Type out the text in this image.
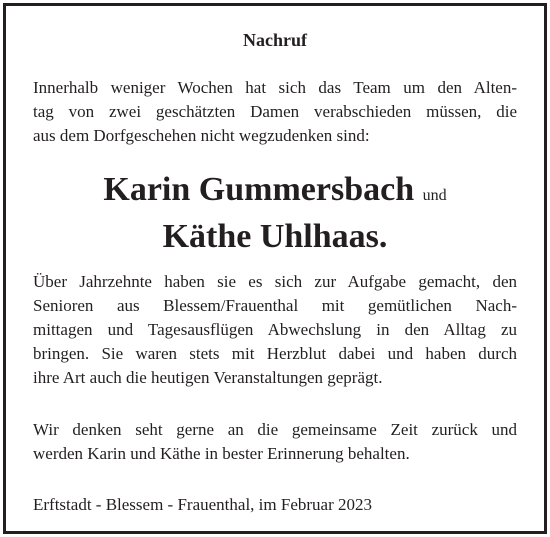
Nachruf
Innerhalb weniger Wochen hat sich das Team um den Alten-
tag von zwei geschätzten Damen verabschieden müssen, die
aus dem Dorfgeschehen nicht wegzudenken sind:
Karin Gummersbach und
Käthe Uhlhaas.
Über Jahrzehnte haben sie es sich zur Aufgabe gemacht, den
Senioren aus Blessem/Frauenthal mit gemütlichen Nach-
mittagen und Tagesausflügen Abwechslung in den Alltag zu
bringen. Sie waren stets mit Herzblut dabei und haben durch
ihre Art auch die heutigen Veranstaltungen geprägt.
Wir denken seht gerne an die gemeinsame Zeit zurück und
werden Karin und Käthe in bester Erinnerung behalten.
Erftstadt - Blessem - Frauenthal, im Februar 2023
